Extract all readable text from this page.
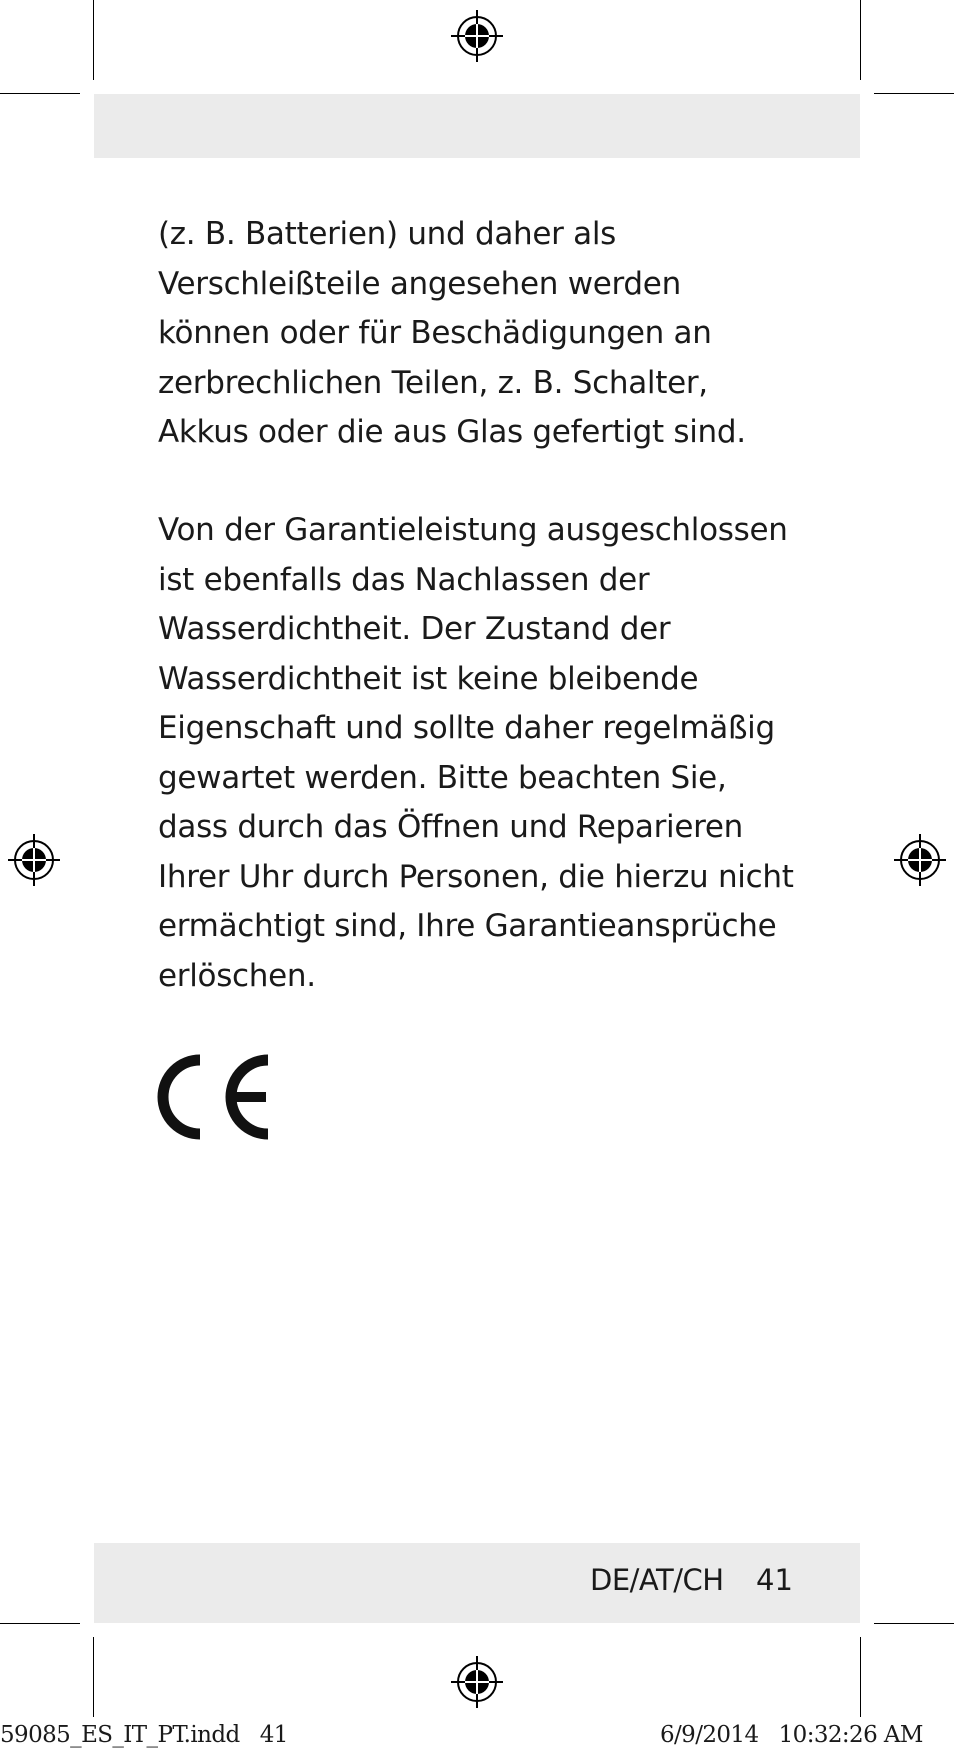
(z. B. Batterien) und daher als
Verschleißteile angesehen werden
können oder für Beschädigungen an
zerbrechlichen Teilen, z. B. Schalter,
Akkus oder die aus Glas gefertigt sind.

Von der Garantieleistung ausgeschlossen
ist ebenfalls das Nachlassen der
Wasserdichtheit. Der Zustand der
Wasserdichtheit ist keine bleibende
Eigenschaft und sollte daher regelmäßig
gewartet werden. Bitte beachten Sie,
dass durch das Öffnen und Reparieren
Ihrer Uhr durch Personen, die hierzu nicht
ermächtigt sind, Ihre Garantieansprüche
erlöschen.

DE/AT/CH 41
59085_ES_IT_PT.indd   41	6/9/2014   10:32:26 AM
